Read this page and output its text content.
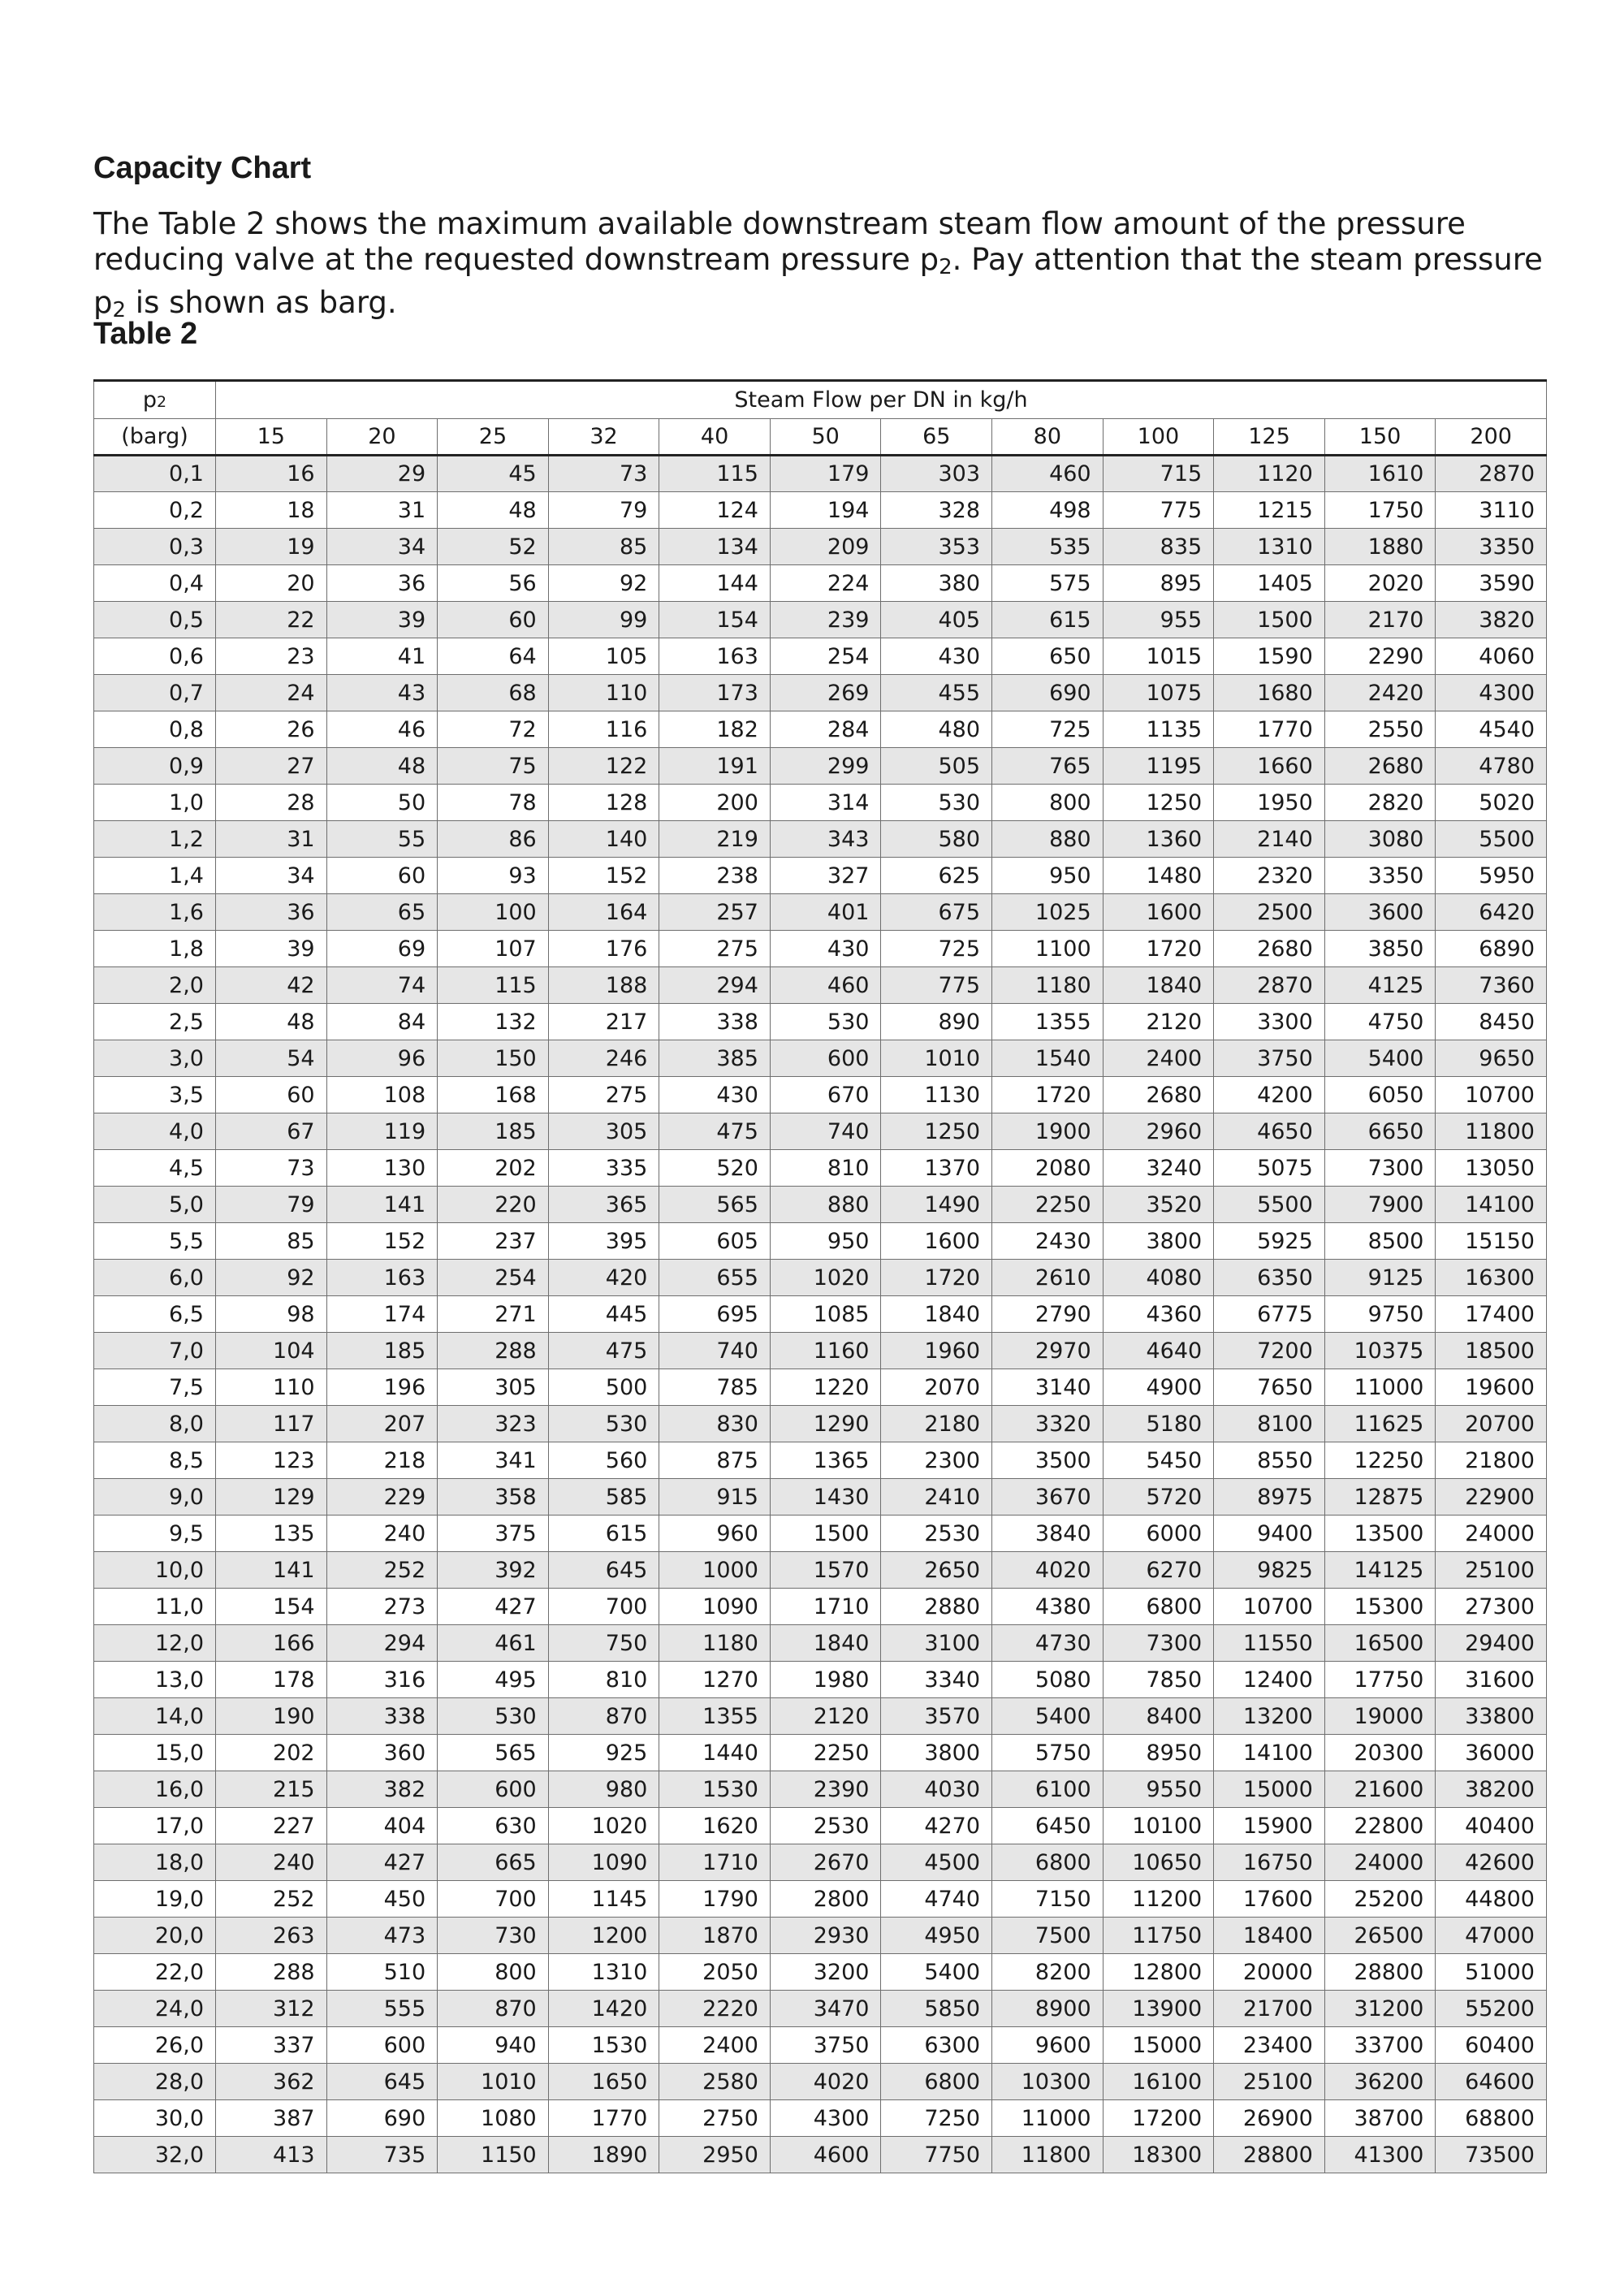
Capacity Chart

The Table 2 shows the maximum available downstream steam flow amount of the pressure reducing valve at the requested downstream pressure p2. Pay attention that the steam pressure p2 is shown as barg.

Table 2
p2	Steam Flow per DN in kg/h											
(barg)	15	20	25	32	40	50	65	80	100	125	150	200
0,1	16	29	45	73	115	179	303	460	715	1120	1610	2870
0,2	18	31	48	79	124	194	328	498	775	1215	1750	3110
0,3	19	34	52	85	134	209	353	535	835	1310	1880	3350
0,4	20	36	56	92	144	224	380	575	895	1405	2020	3590
0,5	22	39	60	99	154	239	405	615	955	1500	2170	3820
0,6	23	41	64	105	163	254	430	650	1015	1590	2290	4060
0,7	24	43	68	110	173	269	455	690	1075	1680	2420	4300
0,8	26	46	72	116	182	284	480	725	1135	1770	2550	4540
0,9	27	48	75	122	191	299	505	765	1195	1660	2680	4780
1,0	28	50	78	128	200	314	530	800	1250	1950	2820	5020
1,2	31	55	86	140	219	343	580	880	1360	2140	3080	5500
1,4	34	60	93	152	238	327	625	950	1480	2320	3350	5950
1,6	36	65	100	164	257	401	675	1025	1600	2500	3600	6420
1,8	39	69	107	176	275	430	725	1100	1720	2680	3850	6890
2,0	42	74	115	188	294	460	775	1180	1840	2870	4125	7360
2,5	48	84	132	217	338	530	890	1355	2120	3300	4750	8450
3,0	54	96	150	246	385	600	1010	1540	2400	3750	5400	9650
3,5	60	108	168	275	430	670	1130	1720	2680	4200	6050	10700
4,0	67	119	185	305	475	740	1250	1900	2960	4650	6650	11800
4,5	73	130	202	335	520	810	1370	2080	3240	5075	7300	13050
5,0	79	141	220	365	565	880	1490	2250	3520	5500	7900	14100
5,5	85	152	237	395	605	950	1600	2430	3800	5925	8500	15150
6,0	92	163	254	420	655	1020	1720	2610	4080	6350	9125	16300
6,5	98	174	271	445	695	1085	1840	2790	4360	6775	9750	17400
7,0	104	185	288	475	740	1160	1960	2970	4640	7200	10375	18500
7,5	110	196	305	500	785	1220	2070	3140	4900	7650	11000	19600
8,0	117	207	323	530	830	1290	2180	3320	5180	8100	11625	20700
8,5	123	218	341	560	875	1365	2300	3500	5450	8550	12250	21800
9,0	129	229	358	585	915	1430	2410	3670	5720	8975	12875	22900
9,5	135	240	375	615	960	1500	2530	3840	6000	9400	13500	24000
10,0	141	252	392	645	1000	1570	2650	4020	6270	9825	14125	25100
11,0	154	273	427	700	1090	1710	2880	4380	6800	10700	15300	27300
12,0	166	294	461	750	1180	1840	3100	4730	7300	11550	16500	29400
13,0	178	316	495	810	1270	1980	3340	5080	7850	12400	17750	31600
14,0	190	338	530	870	1355	2120	3570	5400	8400	13200	19000	33800
15,0	202	360	565	925	1440	2250	3800	5750	8950	14100	20300	36000
16,0	215	382	600	980	1530	2390	4030	6100	9550	15000	21600	38200
17,0	227	404	630	1020	1620	2530	4270	6450	10100	15900	22800	40400
18,0	240	427	665	1090	1710	2670	4500	6800	10650	16750	24000	42600
19,0	252	450	700	1145	1790	2800	4740	7150	11200	17600	25200	44800
20,0	263	473	730	1200	1870	2930	4950	7500	11750	18400	26500	47000
22,0	288	510	800	1310	2050	3200	5400	8200	12800	20000	28800	51000
24,0	312	555	870	1420	2220	3470	5850	8900	13900	21700	31200	55200
26,0	337	600	940	1530	2400	3750	6300	9600	15000	23400	33700	60400
28,0	362	645	1010	1650	2580	4020	6800	10300	16100	25100	36200	64600
30,0	387	690	1080	1770	2750	4300	7250	11000	17200	26900	38700	68800
32,0	413	735	1150	1890	2950	4600	7750	11800	18300	28800	41300	73500
